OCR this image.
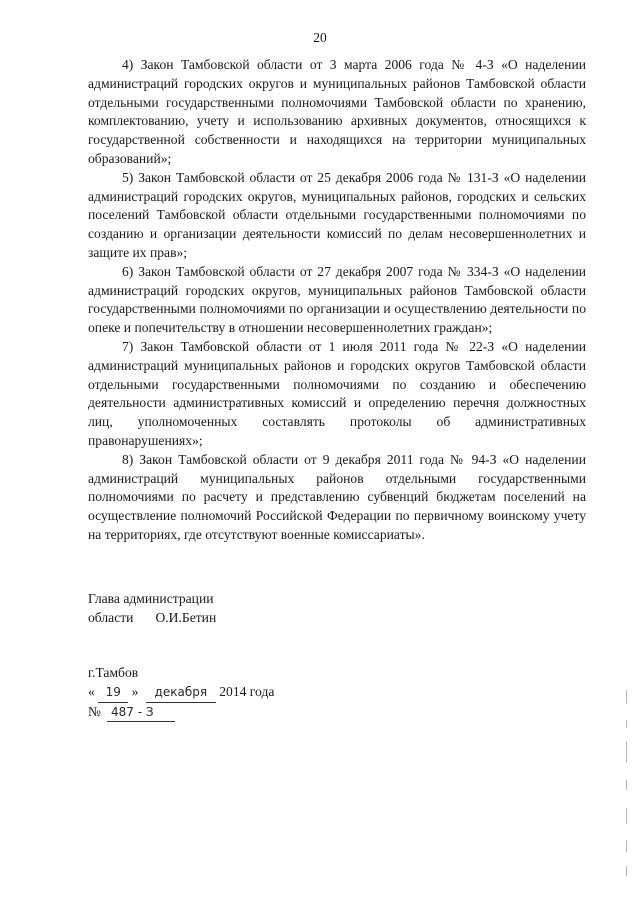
20

4) Закон Тамбовской области от 3 марта 2006 года № 4-З «О наделении администраций городских округов и муниципальных районов Тамбовской области отдельными государственными полномочиями Тамбовской области по хранению, комплектованию, учету и использованию архивных документов, относящихся к государственной собственности и находящихся на территории муниципальных образований»;

5) Закон Тамбовской области от 25 декабря 2006 года № 131-З «О наделении администраций городских округов, муниципальных районов, городских и сельских поселений Тамбовской области отдельными государственными полномочиями по созданию и организации деятельности комиссий по делам несовершеннолетних и защите их прав»;

6) Закон Тамбовской области от 27 декабря 2007 года № 334-З «О наделении администраций городских округов, муниципальных районов Тамбовской области государственными полномочиями по организации и осуществлению деятельности по опеке и попечительству в отношении несовершеннолетних граждан»;

7) Закон Тамбовской области от 1 июля 2011 года № 22-З «О наделении администраций муниципальных районов и городских округов Тамбовской области отдельными государственными полномочиями по созданию и обеспечению деятельности административных комиссий и определению перечня должностных лиц, уполномоченных составлять протоколы об административных правонарушениях»;

8) Закон Тамбовской области от 9 декабря 2011 года № 94-З «О наделении администраций муниципальных районов отдельными государственными полномочиями по расчету и представлению субвенций бюджетам поселений на осуществление полномочий Российской Федерации по первичному воинскому учету на территориях, где отсутствуют военные комиссариаты».

Глава администрации
области О.И.Бетин
г.Тамбов
« 19 » декабря 2014 года
№ 487 - З
